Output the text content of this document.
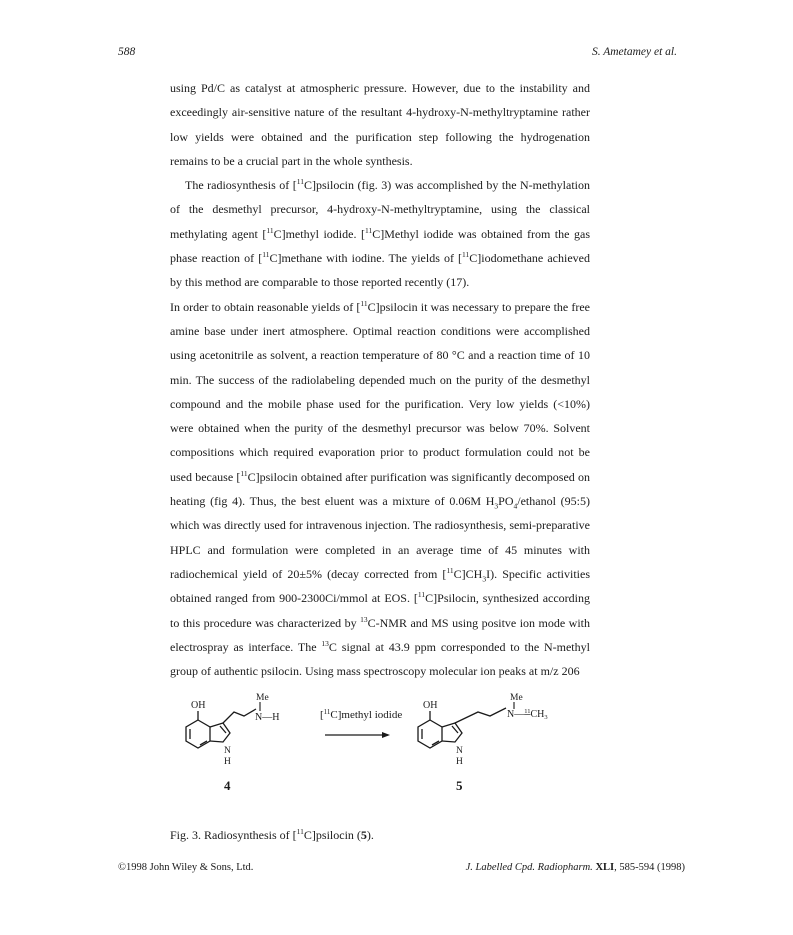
588	S. Ametamey et al.

using Pd/C as catalyst at atmospheric pressure. However, due to the instability and exceedingly air-sensitive nature of the resultant 4-hydroxy-N-methyltryptamine rather low yields were obtained and the purification step following the hydrogenation remains to be a crucial part in the whole synthesis.

The radiosynthesis of [$^{11}$C]psilocin (fig. 3) was accomplished by the N-methylation of the desmethyl precursor, 4-hydroxy-N-methyltryptamine, using the classical methylating agent [$^{11}$C]methyl iodide. [$^{11}$C]Methyl iodide was obtained from the gas phase reaction of [$^{11}$C]methane with iodine. The yields of [$^{11}$C]iodomethane achieved by this method are comparable to those reported recently (17).

In order to obtain reasonable yields of [$^{11}$C]psilocin it was necessary to prepare the free amine base under inert atmosphere. Optimal reaction conditions were accomplished using acetonitrile as solvent, a reaction temperature of 80 °C and a reaction time of 10 min. The success of the radiolabeling depended much on the purity of the desmethyl compound and the mobile phase used for the purification. Very low yields (<10%) were obtained when the purity of the desmethyl precursor was below 70%. Solvent compositions which required evaporation prior to product formulation could not be used because [$^{11}$C]psilocin obtained after purification was significantly decomposed on heating (fig 4). Thus, the best eluent was a mixture of 0.06M $H_3PO_4$/ethanol (95:5) which was directly used for intravenous injection. The radiosynthesis, semi-preparative HPLC and formulation were completed in an average time of 45 minutes with radiochemical yield of 20±5% (decay corrected from $[^{11}C]CH_3I$). Specific activities obtained ranged from 900-2300Ci/mmol at EOS. [$^{11}$C]Psilocin, synthesized according to this procedure was characterized by $^{13}$C-NMR and MS using positve ion mode with electrospray as interface. The $^{13}$C signal at 43.9 ppm corresponded to the N-methyl group of authentic psilocin. Using mass spectroscopy molecular ion peaks at m/z 206

OH
Me
N—H
N
H
4
[$^{11}$C]methyl iodide
OH
Me
$N—^{11}CH_3$
N
H
5
Fig. 3. Radiosynthesis of [$^{11}$C]psilocin (5).
©1998 John Wiley & Sons, Ltd.	J. Labelled Cpd. Radiopharm. XLI, 585-594 (1998)
